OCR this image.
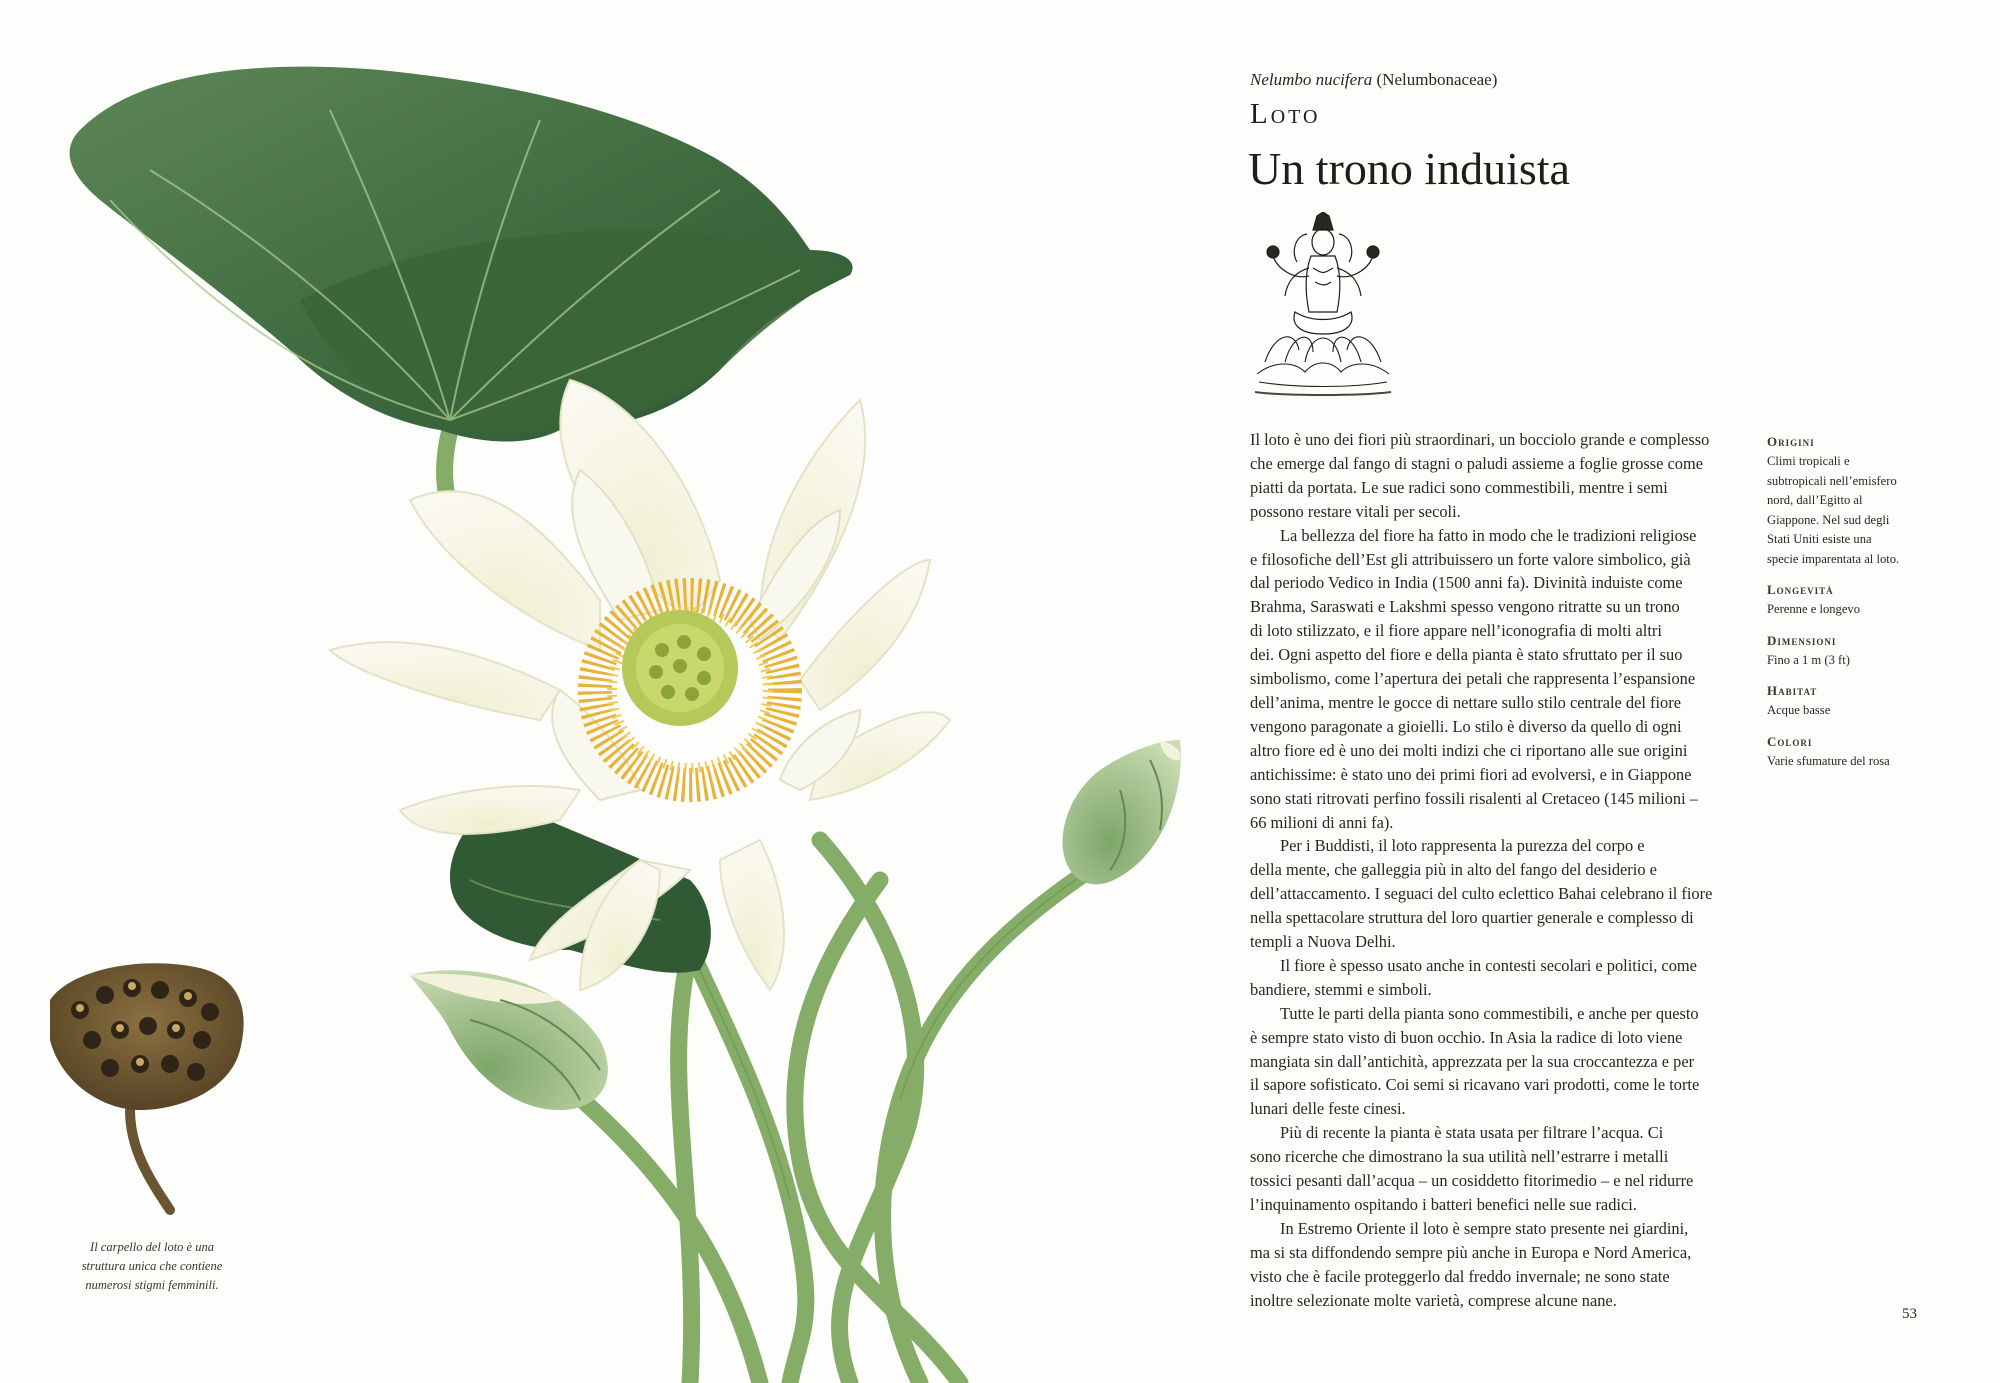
Il carpello del loto è una
struttura unica che contiene
numerosi stigmi femminili.
Nelumbo nucifera (Nelumbonaceae)
Loto
Un trono induista
Il loto è uno dei fiori più straordinari, un bocciolo grande e complesso
che emerge dal fango di stagni o paludi assieme a foglie grosse come
piatti da portata. Le sue radici sono commestibili, mentre i semi
possono restare vitali per secoli.
La bellezza del fiore ha fatto in modo che le tradizioni religiose
e filosofiche dell’Est gli attribuissero un forte valore simbolico, già
dal periodo Vedico in India (1500 anni fa). Divinità induiste come
Brahma, Saraswati e Lakshmi spesso vengono ritratte su un trono
di loto stilizzato, e il fiore appare nell’iconografia di molti altri
dei. Ogni aspetto del fiore e della pianta è stato sfruttato per il suo
simbolismo, come l’apertura dei petali che rappresenta l’espansione
dell’anima, mentre le gocce di nettare sullo stilo centrale del fiore
vengono paragonate a gioielli. Lo stilo è diverso da quello di ogni
altro fiore ed è uno dei molti indizi che ci riportano alle sue origini
antichissime: è stato uno dei primi fiori ad evolversi, e in Giappone
sono stati ritrovati perfino fossili risalenti al Cretaceo (145 milioni –
66 milioni di anni fa).
Per i Buddisti, il loto rappresenta la purezza del corpo e
della mente, che galleggia più in alto del fango del desiderio e
dell’attaccamento. I seguaci del culto eclettico Bahai celebrano il fiore
nella spettacolare struttura del loro quartier generale e complesso di
templi a Nuova Delhi.
Il fiore è spesso usato anche in contesti secolari e politici, come
bandiere, stemmi e simboli.
Tutte le parti della pianta sono commestibili, e anche per questo
è sempre stato visto di buon occhio. In Asia la radice di loto viene
mangiata sin dall’antichità, apprezzata per la sua croccantezza e per
il sapore sofisticato. Coi semi si ricavano vari prodotti, come le torte
lunari delle feste cinesi.
Più di recente la pianta è stata usata per filtrare l’acqua. Ci
sono ricerche che dimostrano la sua utilità nell’estrarre i metalli
tossici pesanti dall’acqua – un cosiddetto fitorimedio – e nel ridurre
l’inquinamento ospitando i batteri benefici nelle sue radici.
In Estremo Oriente il loto è sempre stato presente nei giardini,
ma si sta diffondendo sempre più anche in Europa e Nord America,
visto che è facile proteggerlo dal freddo invernale; ne sono state
inoltre selezionate molte varietà, comprese alcune nane.
Origini
Climi tropicali e
subtropicali nell’emisfero
nord, dall’Egitto al
Giappone. Nel sud degli
Stati Uniti esiste una
specie imparentata al loto.
Longevità
Perenne e longevo
Dimensioni
Fino a 1 m (3 ft)
Habitat
Acque basse
Colori
Varie sfumature del rosa
53
